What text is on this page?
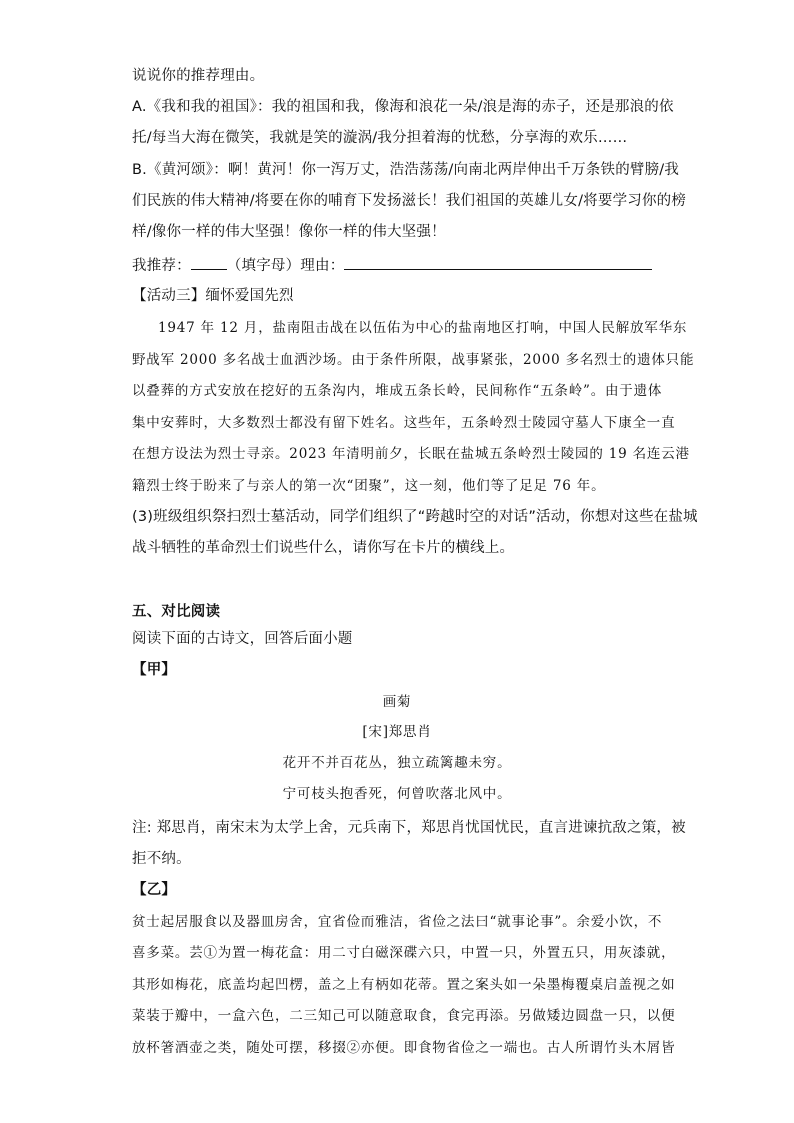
说说你的推荐理由。
A.《我和我的祖国》：我的祖国和我，像海和浪花一朵/浪是海的赤子，还是那浪的依
托/每当大海在微笑，我就是笑的漩涡/我分担着海的忧愁，分享海的欢乐……
B.《黄河颂》：啊！黄河！你一泻万丈，浩浩荡荡/向南北两岸伸出千万条铁的臂膀/我
们民族的伟大精神/将要在你的哺育下发扬滋长！我们祖国的英雄儿女/将要学习你的榜
样/像你一样的伟大坚强！像你一样的伟大坚强！
我推荐： （填字母）理由：
【活动三】缅怀爱国先烈
1947 年 12 月，盐南阻击战在以伍佑为中心的盐南地区打响，中国人民解放军华东
野战军 2000 多名战士血洒沙场。由于条件所限，战事紧张，2000 多名烈士的遗体只能
以叠葬的方式安放在挖好的五条沟内，堆成五条长岭，民间称作“五条岭”。由于遗体
集中安葬时，大多数烈士都没有留下姓名。这些年，五条岭烈士陵园守墓人下康全一直
在想方设法为烈士寻亲。2023 年清明前夕，长眠在盐城五条岭烈士陵园的 19 名连云港
籍烈士终于盼来了与亲人的第一次“团聚”，这一刻，他们等了足足 76 年。
(3)班级组织祭扫烈士墓活动，同学们组织了“跨越时空的对话”活动，你想对这些在盐城
战斗牺牲的革命烈士们说些什么，请你写在卡片的横线上。
五、对比阅读
阅读下面的古诗文，回答后面小题
【甲】
画菊
[宋]郑思肖
花开不并百花丛，独立疏篱趣未穷。
宁可枝头抱香死，何曾吹落北风中。
注: 郑思肖，南宋末为太学上舍，元兵南下，郑思肖忧国忧民，直言进谏抗敌之策，被
拒不纳。
【乙】
贫士起居服食以及器皿房舍，宜省俭而雅洁，省俭之法曰“就事论事”。余爱小饮，不
喜多菜。芸①为置一梅花盒：用二寸白磁深碟六只，中置一只，外置五只，用灰漆就，
其形如梅花，底盖均起凹楞，盖之上有柄如花蒂。置之案头如一朵墨梅覆桌启盖视之如
菜装于瓣中，一盒六色，二三知己可以随意取食，食完再添。另做矮边圆盘一只，以便
放杯箸酒壶之类，随处可摆，移掇②亦便。即食物省俭之一端也。古人所谓竹头木屑皆
